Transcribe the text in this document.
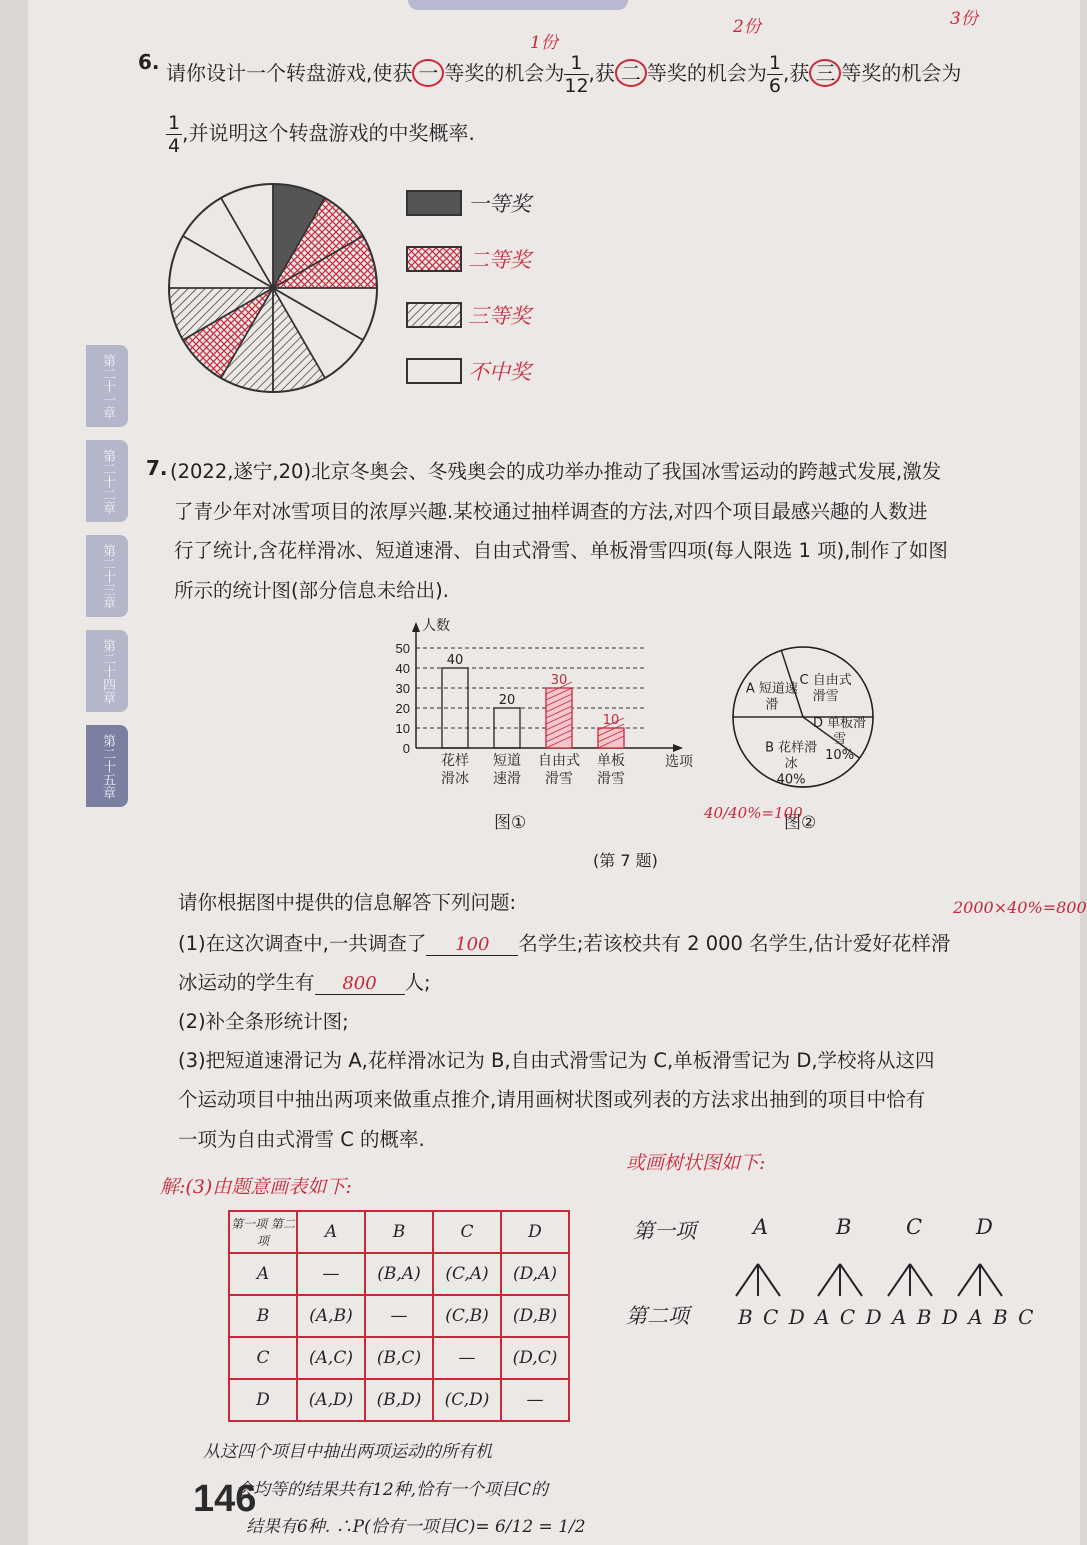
第二十一章
第二十二章
第二十三章
第二十四章
第二十五章
6. 请你设计一个转盘游戏,使获 一 等奖的机会为 $\frac{1}{12}$ ,获 二 等奖的机会为 $\frac{1}{6}$ ,获 三 等奖的机会为
$\frac{1}{4}$ ,并说明这个转盘游戏的中奖概率.
1份
2份	3份
一等奖
二等奖
三等奖
不中奖
7. (2022,遂宁,20)北京冬奥会、冬残奥会的成功举办推动了我国冰雪运动的跨越式发展,激发
了青少年对冰雪项目的浓厚兴趣.某校通过抽样调查的方法,对四个项目最感兴趣的人数进
行了统计,含花样滑冰、短道速滑、自由式滑雪、单板滑雪四项(每人限选 1 项),制作了如图
所示的统计图(部分信息未给出).
0
10
20
30
40
50
人数
选项
40
花样
滑冰
20
短道
速滑
30
自由式
滑雪
10
单板
滑雪
图①
A 短道速
滑
C 自由式
滑雪
D 单板滑
雪
10%
B 花样滑
冰
40%
图②
40/40%=100
(第 7 题)
请你根据图中提供的信息解答下列问题:	2000×40%=800
(1)在这次调查中,一共调查了 100 名学生;若该校共有 2 000 名学生,估计爱好花样滑
冰运动的学生有 800 人;
(2)补全条形统计图;
(3)把短道速滑记为 A,花样滑冰记为 B,自由式滑雪记为 C,单板滑雪记为 D,学校将从这四
个运动项目中抽出两项来做重点推介,请用画树状图或列表的方法求出抽到的项目中恰有
一项为自由式滑雪 C 的概率.
解:(3)由题意画表如下:
第一项 第二项	A	B	C	D
A	—	(B,A)	(C,A)	(D,A)
B	(A,B)	—	(C,B)	(D,B)
C	(A,C)	(B,C)	—	(D,C)
D	(A,D)	(B,D)	(C,D)	—
从这四个项目中抽出两项运动的所有机
会均等的结果共有12种,恰有一个项目C的
结果有6种. ∴P(恰有一项目C)= 6/12 = 1/2
或画树状图如下:
第一项
第二项
A	B	C	D
B C D A C D A B D A B C
146
